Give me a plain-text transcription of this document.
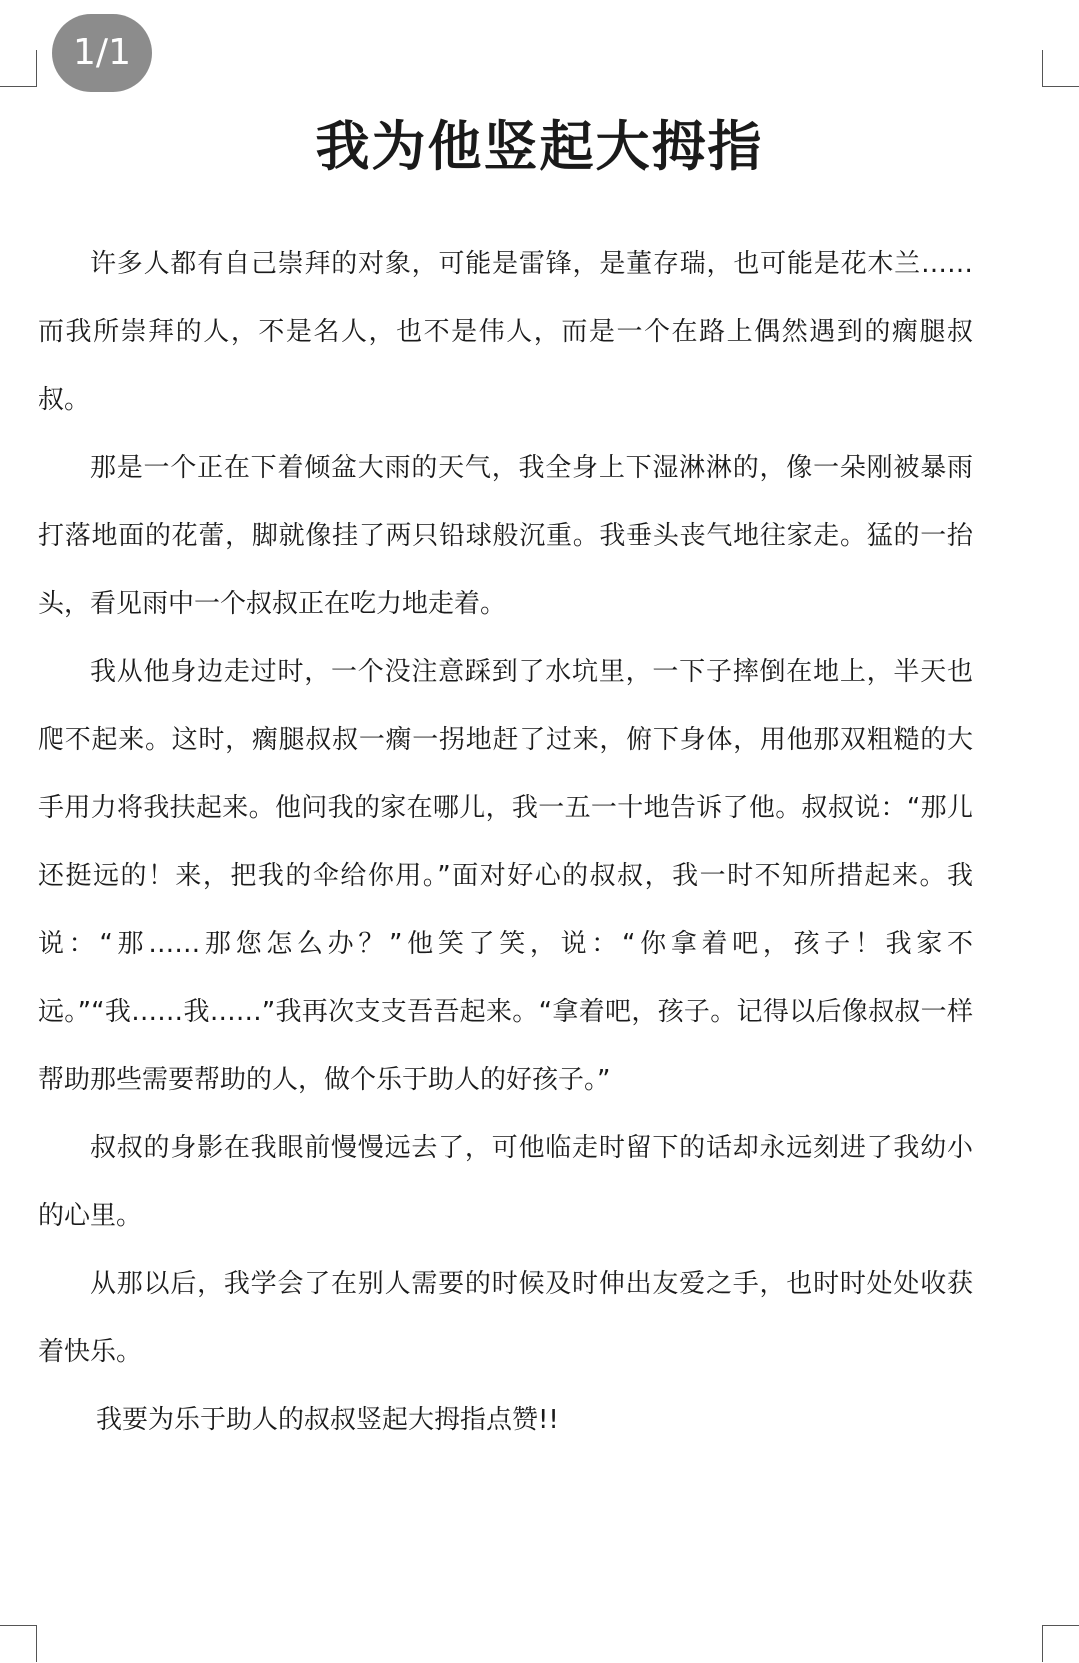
1/1
我为他竖起大拇指

许多人都有自己崇拜的对象，可能是雷锋，是董存瑞，也可能是花木兰……而我所崇拜的人，不是名人，也不是伟人，而是一个在路上偶然遇到的瘸腿叔叔。

那是一个正在下着倾盆大雨的天气，我全身上下湿淋淋的，像一朵刚被暴雨打落地面的花蕾，脚就像挂了两只铅球般沉重。我垂头丧气地往家走。猛的一抬头，看见雨中一个叔叔正在吃力地走着。

我从他身边走过时，一个没注意踩到了水坑里，一下子摔倒在地上，半天也爬不起来。这时，瘸腿叔叔一瘸一拐地赶了过来，俯下身体，用他那双粗糙的大手用力将我扶起来。他问我的家在哪儿，我一五一十地告诉了他。叔叔说：“那儿还挺远的！来，把我的伞给你用。”面对好心的叔叔，我一时不知所措起来。我说：“那……那您怎么办？”他笑了笑，说：“你拿着吧，孩子！我家不远。”“我……我……”我再次支支吾吾起来。“拿着吧，孩子。记得以后像叔叔一样帮助那些需要帮助的人，做个乐于助人的好孩子。”

叔叔的身影在我眼前慢慢远去了，可他临走时留下的话却永远刻进了我幼小的心里。

从那以后，我学会了在别人需要的时候及时伸出友爱之手，也时时处处收获着快乐。

我要为乐于助人的叔叔竖起大拇指点赞!!
